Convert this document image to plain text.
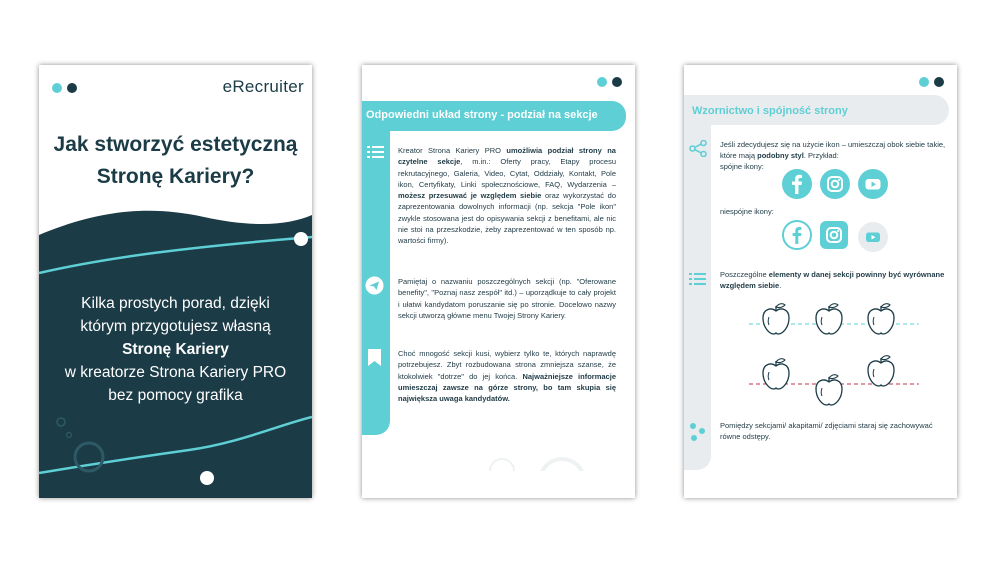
eRecruiter
Jak stworzyć estetyczną
Stronę Kariery?
Kilka prostych porad, dzięki
którym przygotujesz własną
Stronę Kariery
w kreatorze Strona Kariery PRO
bez pomocy grafika
Odpowiedni układ strony - podział na sekcje
Kreator Strona Kariery PRO umożliwia podział strony na czytelne sekcje, m.in.: Oferty pracy, Etapy procesu rekrutacyjnego, Galeria, Video, Cytat, Oddziały, Kontakt, Pole ikon, Certyfikaty, Linki społecznościowe, FAQ, Wydarzenia – możesz przesuwać je względem siebie oraz wykorzystać do zaprezentowania dowolnych informacji (np. sekcja "Pole ikon" zwykle stosowana jest do opisywania sekcji z benefitami, ale nic nie stoi na przeszkodzie, żeby zaprezentować w ten sposób np. wartości firmy).
Pamiętaj o nazwaniu poszczególnych sekcji (np. "Oferowane benefity", "Poznaj nasz zespół" itd.) – uporządkuje to cały projekt i ułatwi kandydatom poruszanie się po stronie. Docelowo nazwy sekcji utworzą główne menu Twojej Strony Kariery.
Choć mnogość sekcji kusi, wybierz tylko te, których naprawdę potrzebujesz. Zbyt rozbudowana strona zmniejsza szanse, że ktokolwiek "dotrze" do jej końca. Najważniejsze informacje umieszczaj zawsze na górze strony, bo tam skupia się największa uwaga kandydatów.
Wzornictwo i spójność strony
Jeśli zdecydujesz się na użycie ikon – umieszczaj obok siebie takie, które mają podobny styl. Przykład:
spójne ikony:
niespójne ikony:
Poszczególne elementy w danej sekcji powinny być wyrównane względem siebie.
Pomiędzy sekcjami/ akapitami/ zdjęciami staraj się zachowywać równe odstępy.
